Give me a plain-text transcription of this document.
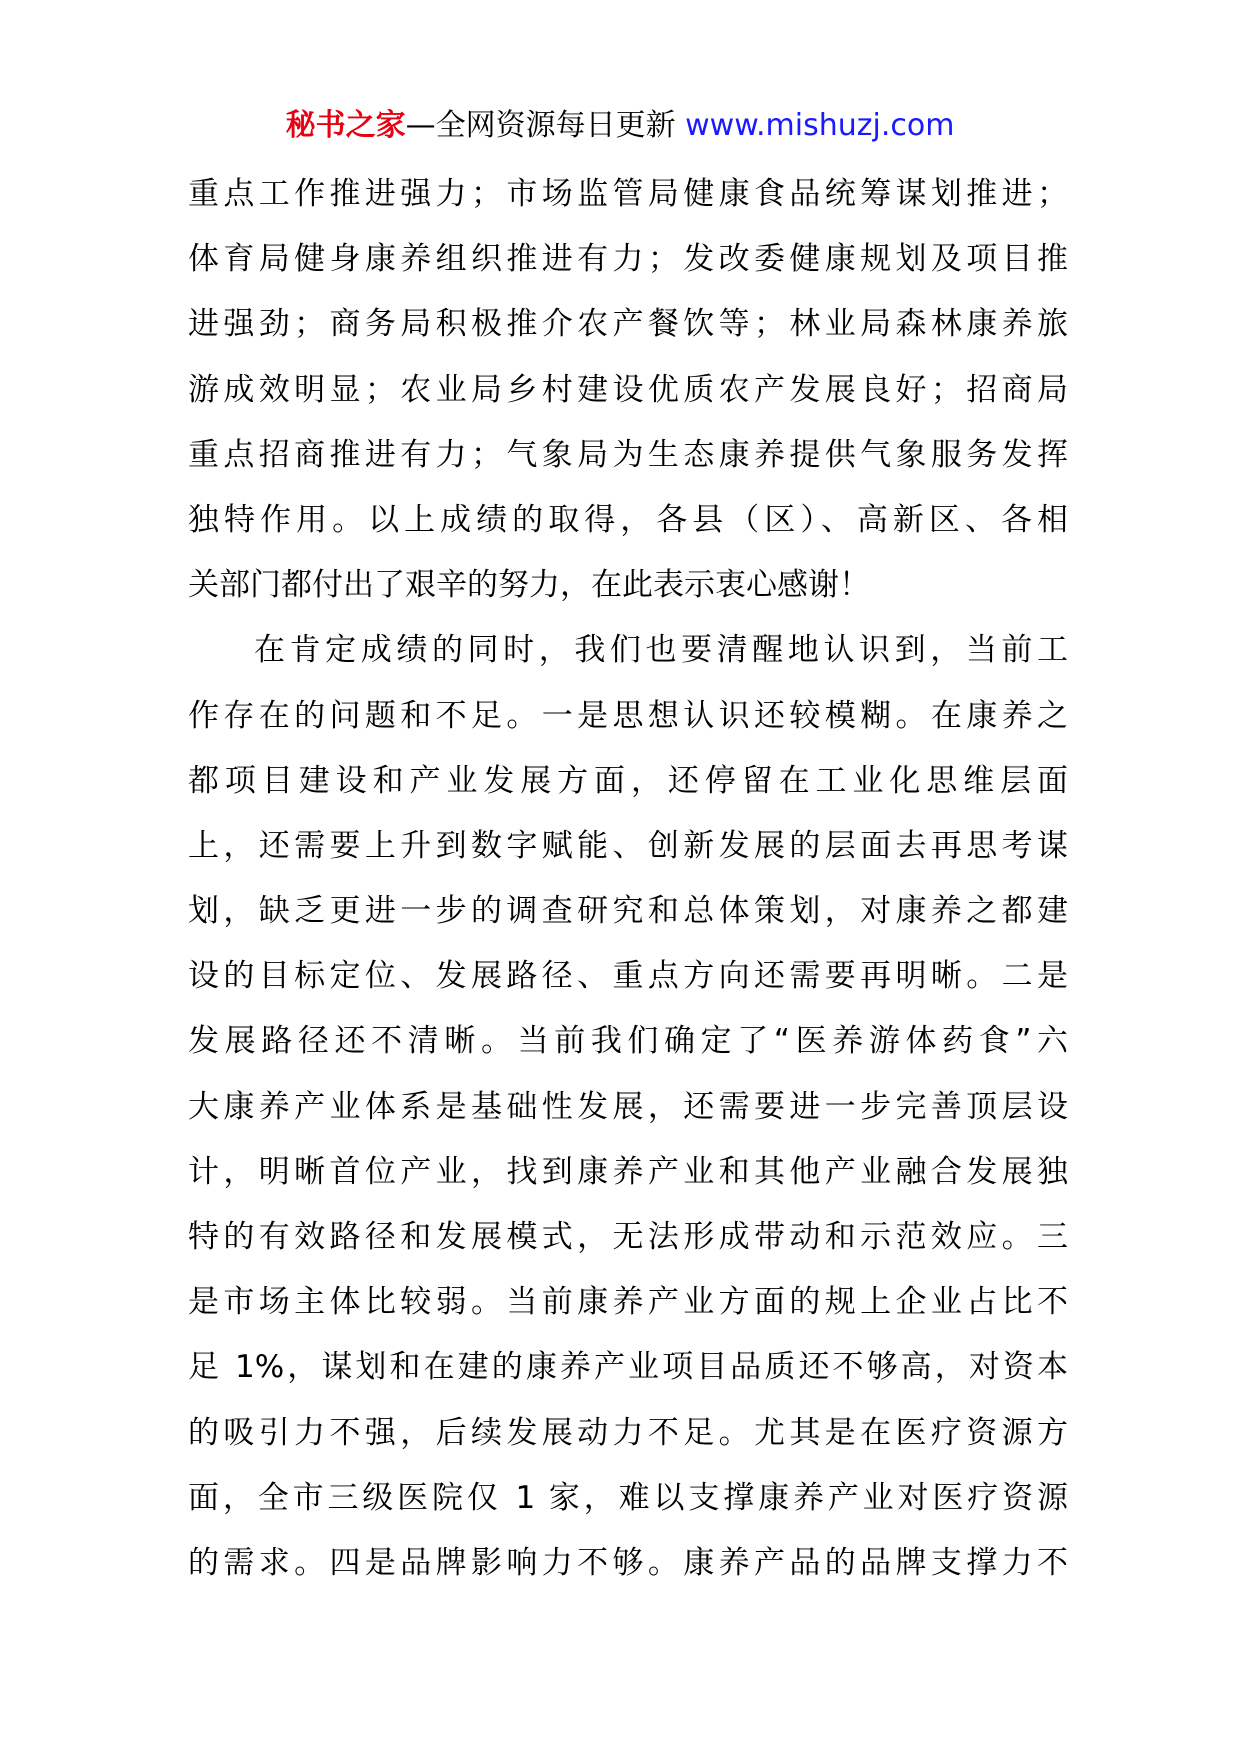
秘书之家—全网资源每日更新 www.mishuzj.com
重点工作推进强力；市场监管局健康食品统筹谋划推进；
体育局健身康养组织推进有力；发改委健康规划及项目推
进强劲；商务局积极推介农产餐饮等；林业局森林康养旅
游成效明显；农业局乡村建设优质农产发展良好；招商局
重点招商推进有力；气象局为生态康养提供气象服务发挥
独特作用。以上成绩的取得，各县（区）、高新区、各相
关部门都付出了艰辛的努力，在此表示衷心感谢！
在肯定成绩的同时，我们也要清醒地认识到，当前工
作存在的问题和不足。一是思想认识还较模糊。在康养之
都项目建设和产业发展方面，还停留在工业化思维层面
上，还需要上升到数字赋能、创新发展的层面去再思考谋
划，缺乏更进一步的调查研究和总体策划，对康养之都建
设的目标定位、发展路径、重点方向还需要再明晰。二是
发展路径还不清晰。当前我们确定了“医养游体药食”六
大康养产业体系是基础性发展，还需要进一步完善顶层设
计，明晰首位产业，找到康养产业和其他产业融合发展独
特的有效路径和发展模式，无法形成带动和示范效应。三
是市场主体比较弱。当前康养产业方面的规上企业占比不
足 1%，谋划和在建的康养产业项目品质还不够高，对资本
的吸引力不强，后续发展动力不足。尤其是在医疗资源方
面，全市三级医院仅 1 家，难以支撑康养产业对医疗资源
的需求。四是品牌影响力不够。康养产品的品牌支撑力不
